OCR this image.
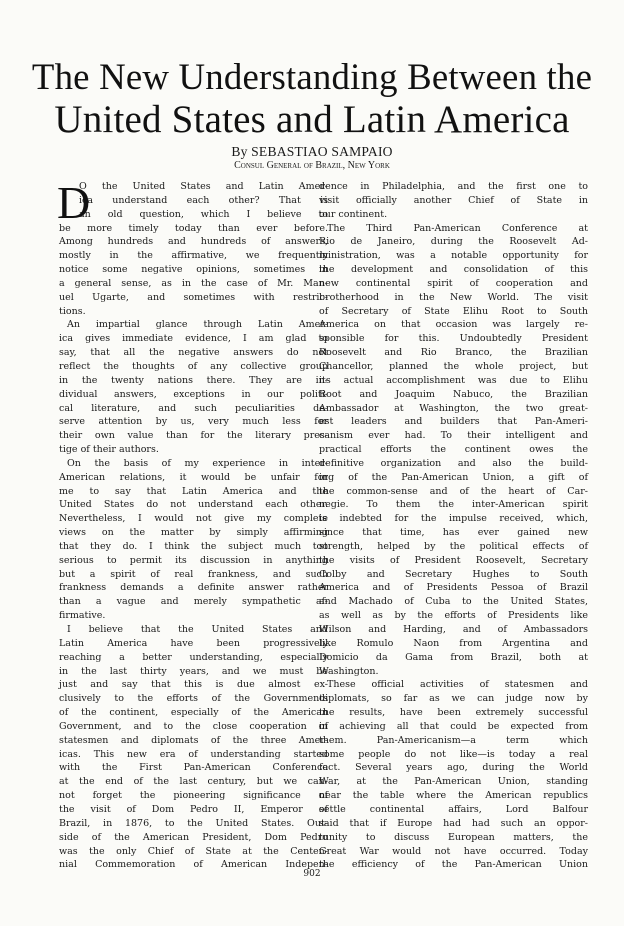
The New Understanding Between the
United States and Latin America
By SEBASTIAO SAMPAIO
Consul General of Brazil, New York
D
O the United States and Latin Amer-
ica understand each other? That is
an old question, which I believe to
be more timely today than ever before.
Among hundreds and hundreds of answers,
mostly in the affirmative, we frequently
notice some negative opinions, sometimes in
a general sense, as in the case of Mr. Man-
uel Ugarte, and sometimes with restric-
tions.
An impartial glance through Latin Amer-
ica gives immediate evidence, I am glad to
say, that all the negative answers do not
reflect the thoughts of any collective group
in the twenty nations there. They are in-
dividual answers, exceptions in our politi-
cal literature, and such peculiarities de-
serve attention by us, very much less for
their own value than for the literary pres-
tige of their authors.
On the basis of my experience in inter-
American relations, it would be unfair for
me to say that Latin America and the
United States do not understand each other.
Nevertheless, I would not give my complete
views on the matter by simply affirming
that they do. I think the subject much too
serious to permit its discussion in anything
but a spirit of real frankness, and such
frankness demands a definite answer rather
than a vague and merely sympathetic af-
firmative.
I believe that the United States and
Latin America have been progressively
reaching a better understanding, especially
in the last thirty years, and we must be
just and say that this is due almost ex-
clusively to the efforts of the Governments
of the continent, especially of the American
Government, and to the close cooperation of
statesmen and diplomats of the three Amer-
icas. This new era of understanding started
with the First Pan-American Conference
at the end of the last century, but we can-
not forget the pioneering significance of
the visit of Dom Pedro II, Emperor of
Brazil, in 1876, to the United States. Out-
side of the American President, Dom Pedro
was the only Chief of State at the Centen-
nial Commemoration of American Indepen-
dence in Philadelphia, and the first one to
visit officially another Chief of State in
our continent.
The Third Pan-American Conference at
Rio de Janeiro, during the Roosevelt Ad-
ministration, was a notable opportunity for
the development and consolidation of this
new continental spirit of cooperation and
brotherhood in the New World. The visit
of Secretary of State Elihu Root to South
America on that occasion was largely re-
sponsible for this. Undoubtedly President
Roosevelt and Rio Branco, the Brazilian
Chancellor, planned the whole project, but
its actual accomplishment was due to Elihu
Root and Joaquim Nabuco, the Brazilian
Ambassador at Washington, the two great-
est leaders and builders that Pan-Ameri-
canism ever had. To their intelligent and
practical efforts the continent owes the
definitive organization and also the build-
ing of the Pan-American Union, a gift of
the common-sense and of the heart of Car-
negie. To them the inter-American spirit
is indebted for the impulse received, which,
since that time, has ever gained new
strength, helped by the political effects of
the visits of President Roosevelt, Secretary
Colby and Secretary Hughes to South
America and of Presidents Pessoa of Brazil
and Machado of Cuba to the United States,
as well as by the efforts of Presidents like
Wilson and Harding, and of Ambassadors
like Romulo Naon from Argentina and
Domicio da Gama from Brazil, both at
Washington.
These official activities of statesmen and
diplomats, so far as we can judge now by
the results, have been extremely successful
in achieving all that could be expected from
them. Pan-Americanism—a term which
some people do not like—is today a real
fact. Several years ago, during the World
War, at the Pan-American Union, standing
near the table where the American republics
settle continental affairs, Lord Balfour
said that if Europe had had such an oppor-
tunity to discuss European matters, the
Great War would not have occurred. Today
the efficiency of the Pan-American Union
902
